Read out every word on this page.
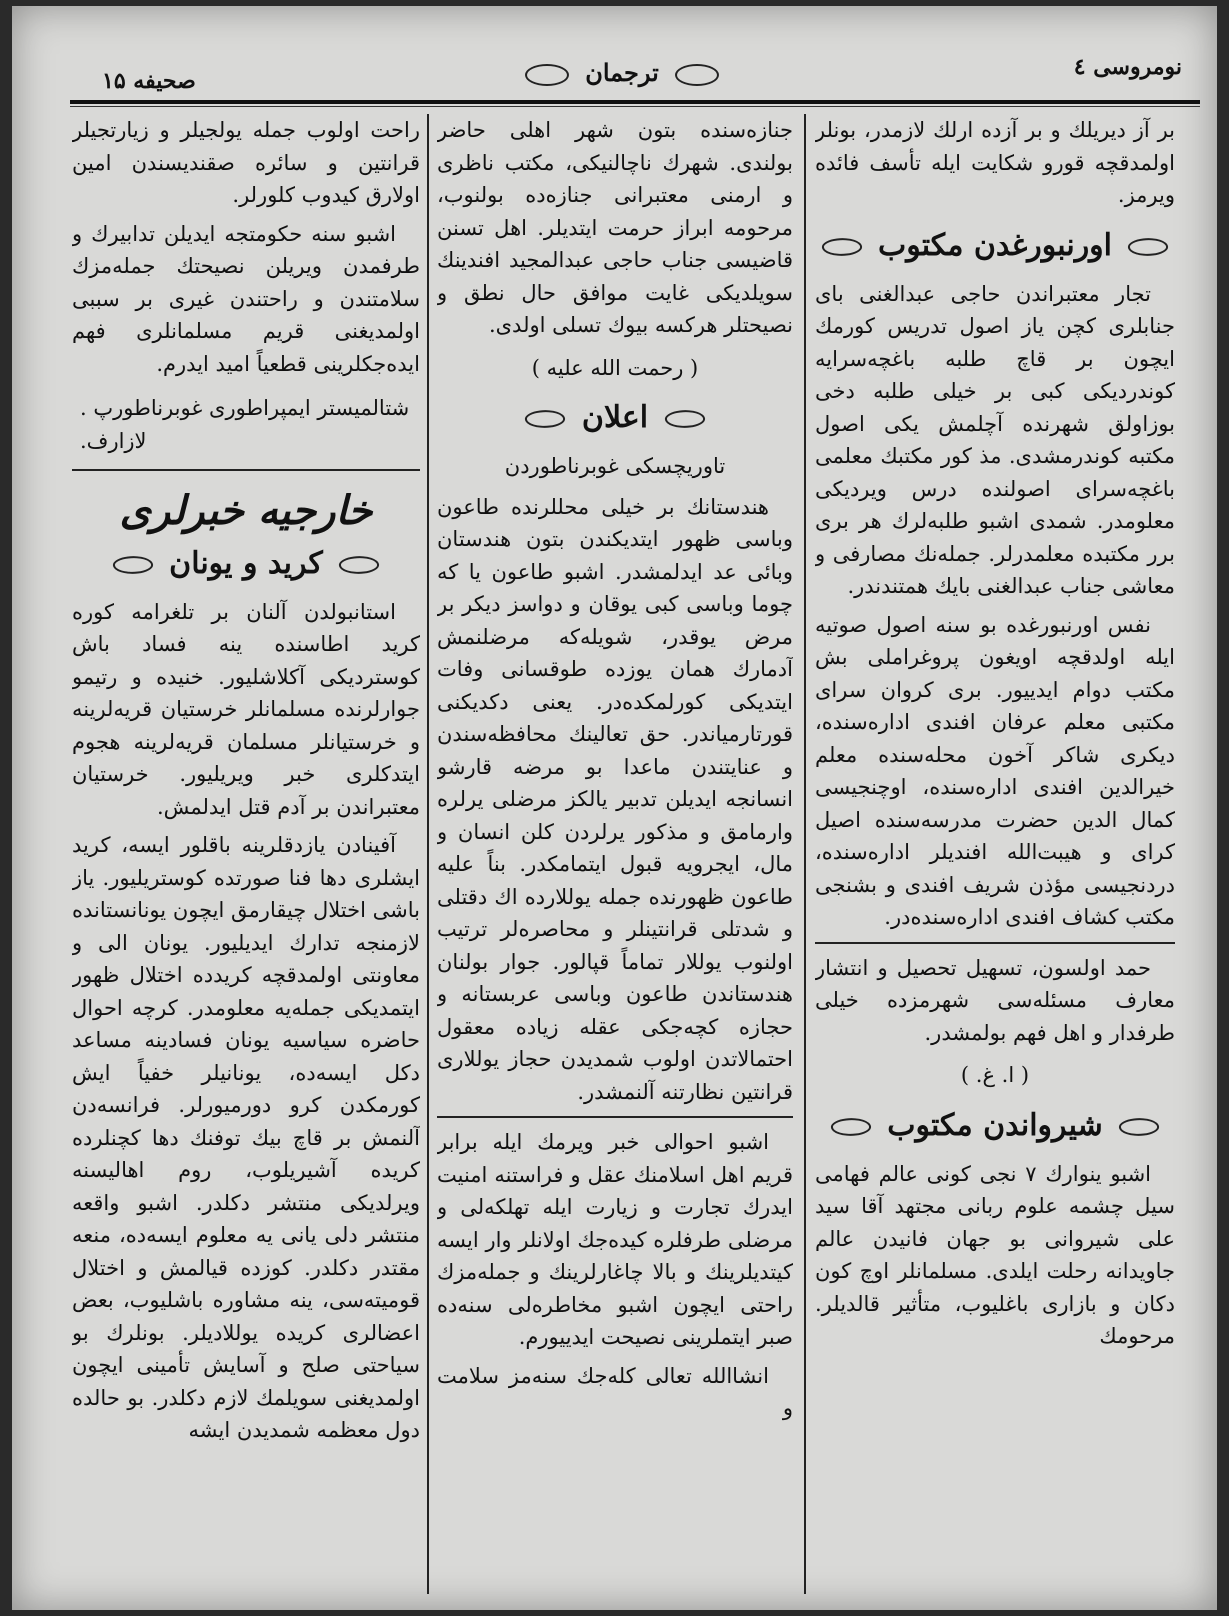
صحیفه ۱۵	ترجمان	نومروسی ٤

بر آز دیریلك و بر آزده ارلك لازمدر، بونلر اولمدقچه قورو شکایت ایله تأسف فائده ویرمز.

اورنبورغدن مکتوب

تجار معتبراندن حاجی عبدالغنی بای جنابلری کچن یاز اصول تدریس کورمك ایچون بر قاچ طلبه باغچه‌سرایه کوندردیکی کبی بر خیلی طلبه دخی بوزاولق شهرنده آچلمش یکی اصول مکتبه کوندرمشدی. مذ کور مکتبك معلمی باغچه‌سرای اصولنده درس ویردیکی معلومدر. شمدی اشبو طلبه‌لرك هر بری برر مکتبده معلمدرلر. جمله‌نك مصارفی و معاشی جناب عبدالغنی بایك همتندندر.

نفس اورنبورغده بو سنه اصول صوتیه ایله اولدقچه اویغون پروغراملی بش مکتب دوام ایدییور. بری کروان سرای مکتبی معلم عرفان افندی اداره‌سنده، دیکری شاکر آخون محله‌سنده معلم خیرالدین افندی اداره‌سنده، اوچنجیسی کمال الدین حضرت مدرسه‌سنده اصیل کرای و هیبت‌الله افندیلر اداره‌سنده، دردنجیسی مؤذن شریف افندی و بشنجی مکتب کشاف افندی اداره‌سنده‌در.

حمد اولسون، تسهیل تحصیل و انتشار معارف مسئله‌سی شهرمزده خیلی طرفدار و اهل فهم بولمشدر.

( ا. غ. )
شیرواندن مکتوب

اشبو ینوارك ۷ نجی کونی عالم فهامی سیل چشمه علوم ربانی مجتهد آقا سید علی شیروانی بو جهان فانیدن عالم جاویدانه رحلت ایلدی. مسلمانلر اوچ کون دکان و بازاری باغلیوب، متأثیر قالدیلر. مرحومك

جنازه‌سنده بتون شهر اهلی حاضر بولندی. شهرك ناچالنیکی، مکتب ناظری و ارمنی معتبرانی جنازه‌ده بولنوب، مرحومه ابراز حرمت ایتدیلر. اهل تسنن قاضیسی جناب حاجی عبدالمجید افندینك سویلدیکی غایت موافق حال نطق و نصیحتلر هرکسه بیوك تسلی اولدی.

( رحمت الله علیه )
اعلان
تاوریچسکی غوبرناطوردن

هندستانك بر خیلی محللرنده طاعون وباسی ظهور ایتدیکندن بتون هندستان وبائی عد ایدلمشدر. اشبو طاعون یا که چوما وباسی کبی یوقان و دواسز دیکر بر مرض یوقدر، شویله‌که مرضلنمش آدمارك همان یوزده طوقسانی وفات ایتدیکی کورلمکده‌در. یعنی دکدیکنی قورتارمیاندر. حق تعالینك محافظه‌سندن و عنایتندن ماعدا بو مرضه قارشو انسانجه ایدیلن تدبیر یالکز مرضلی یرلره وارمامق و مذکور یرلردن کلن انسان و مال، ایجرویه قبول ایتمامکدر. بناً علیه طاعون ظهورنده جمله یوللارده اك دقتلی و شدتلی قرانتینلر و محاصره‌لر ترتیب اولنوب یوللار تماماً قپالور. جوار بولنان هندستاندن طاعون وباسی عربستانه و حجازه کچه‌جکی عقله زیاده معقول احتمالاتدن اولوب شمدیدن حجاز یوللاری قرانتین نظارتنه آلنمشدر.

اشبو احوالی خبر ویرمك ایله برابر قریم اهل اسلامنك عقل و فراستنه امنیت ایدرك تجارت و زیارت ایله تهلکه‌لی و مرضلی طرفلره کیده‌جك اولانلر وار ایسه کیتدیلرینك و بالا چاغارلرینك و جمله‌مزك راحتی ایچون اشبو مخاطره‌لی سنه‌ده صبر ایتملرینی نصیحت ایدییورم.

انشاالله تعالی کله‌جك سنه‌مز سلامت و

راحت اولوب جمله یولجیلر و زیارتجیلر قرانتین و سائره صقندیسندن امین اولارق کیدوب کلورلر.

اشبو سنه حکومتجه ایدیلن تدابیرك و طرفمدن ویریلن نصیحتك جمله‌مزك سلامتندن و راحتندن غیری بر سببی اولمدیغنی قریم مسلمانلری فهم ایده‌جکلرینی قطعیاً امید ایدرم.

شتالمیستر ایمپراطوری غوبرناطورپ . لازارف.
خارجیه خبرلری
کرید و یونان

استانبولدن آلنان بر تلغرامه کوره کرید اطاسنده ینه فساد باش کوستردیکی آکلاشلیور. خنیده و رتیمو جوارلرنده مسلمانلر خرستیان قریه‌لرینه و خرستیانلر مسلمان قریه‌لرینه هجوم ایتدکلری خبر ویریلیور. خرستیان معتبراندن بر آدم قتل ایدلمش.

آفینادن یازدقلرینه باقلور ایسه، کرید ایشلری دها فنا صورتده کوستریلیور. یاز باشی اختلال چیقارمق ایچون یونانستانده لازمنجه تدارك ایدیلیور. یونان الی و معاونتی اولمدقچه کریدده اختلال ظهور ایتمدیکی جمله‌یه معلومدر. کرچه احوال حاضره سیاسیه یونان فسادینه مساعد دکل ایسه‌ده، یونانیلر خفیاً ایش کورمکدن کرو دورمیورلر. فرانسه‌دن آلنمش بر قاچ بیك توفنك دها کچنلرده کریده آشیریلوب، روم اهالیسنه ویرلدیکی منتشر دکلدر. اشبو واقعه منتشر دلی یانی یه معلوم ایسه‌ده، منعه مقتدر دکلدر. کوزده قیالمش و اختلال قومیته‌سی، ینه مشاوره باشلیوب، بعض اعضالری کریده یوللادیلر. بونلرك بو سیاحتی صلح و آسایش تأمینی ایچون اولمدیغنی سویلمك لازم دکلدر. بو حالده دول معظمه شمدیدن ایشه
